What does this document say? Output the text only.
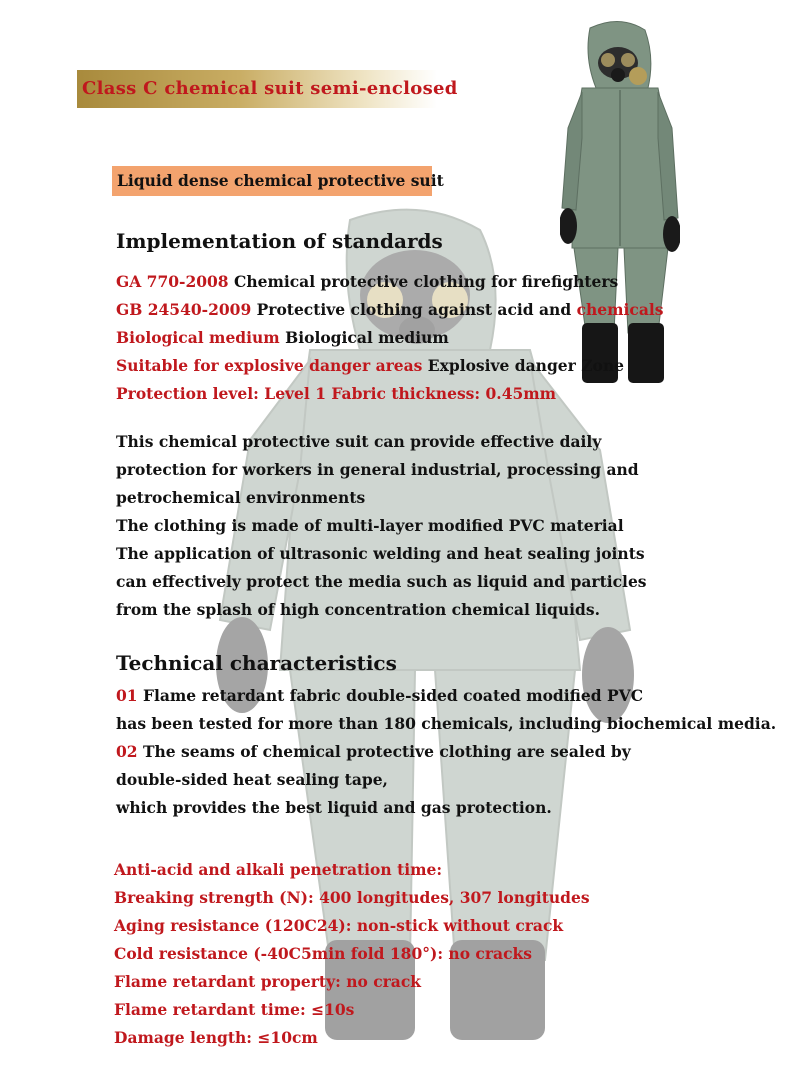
Class C chemical suit semi-enclosed
Liquid dense chemical protective suit
Implementation of standards
GA 770-2008 Chemical protective clothing for firefighters
GB 24540-2009 Protective clothing against acid and chemicals
Biological medium Biological medium
Suitable for explosive danger areas Explosive danger Zone
Protection level: Level 1 Fabric thickness: 0.45mm
This chemical protective suit can provide effective daily
protection for workers in general industrial, processing and
petrochemical environments
The clothing is made of multi-layer modified PVC material
The application of ultrasonic welding and heat sealing joints
can effectively protect the media such as liquid and particles
from the splash of high concentration chemical liquids.
Technical characteristics
01 Flame retardant fabric double-sided coated modified PVC
has been tested for more than 180 chemicals, including biochemical media.
02 The seams of chemical protective clothing are sealed by
double-sided heat sealing tape,
which provides the best liquid and gas protection.
Anti-acid and alkali penetration time:
Breaking strength (N): 400 longitudes, 307 longitudes
Aging resistance (120C24): non-stick without crack
Cold resistance (-40C5min fold 180°): no cracks
Flame retardant property: no crack
Flame retardant time: ≤10s
Damage length: ≤10cm
